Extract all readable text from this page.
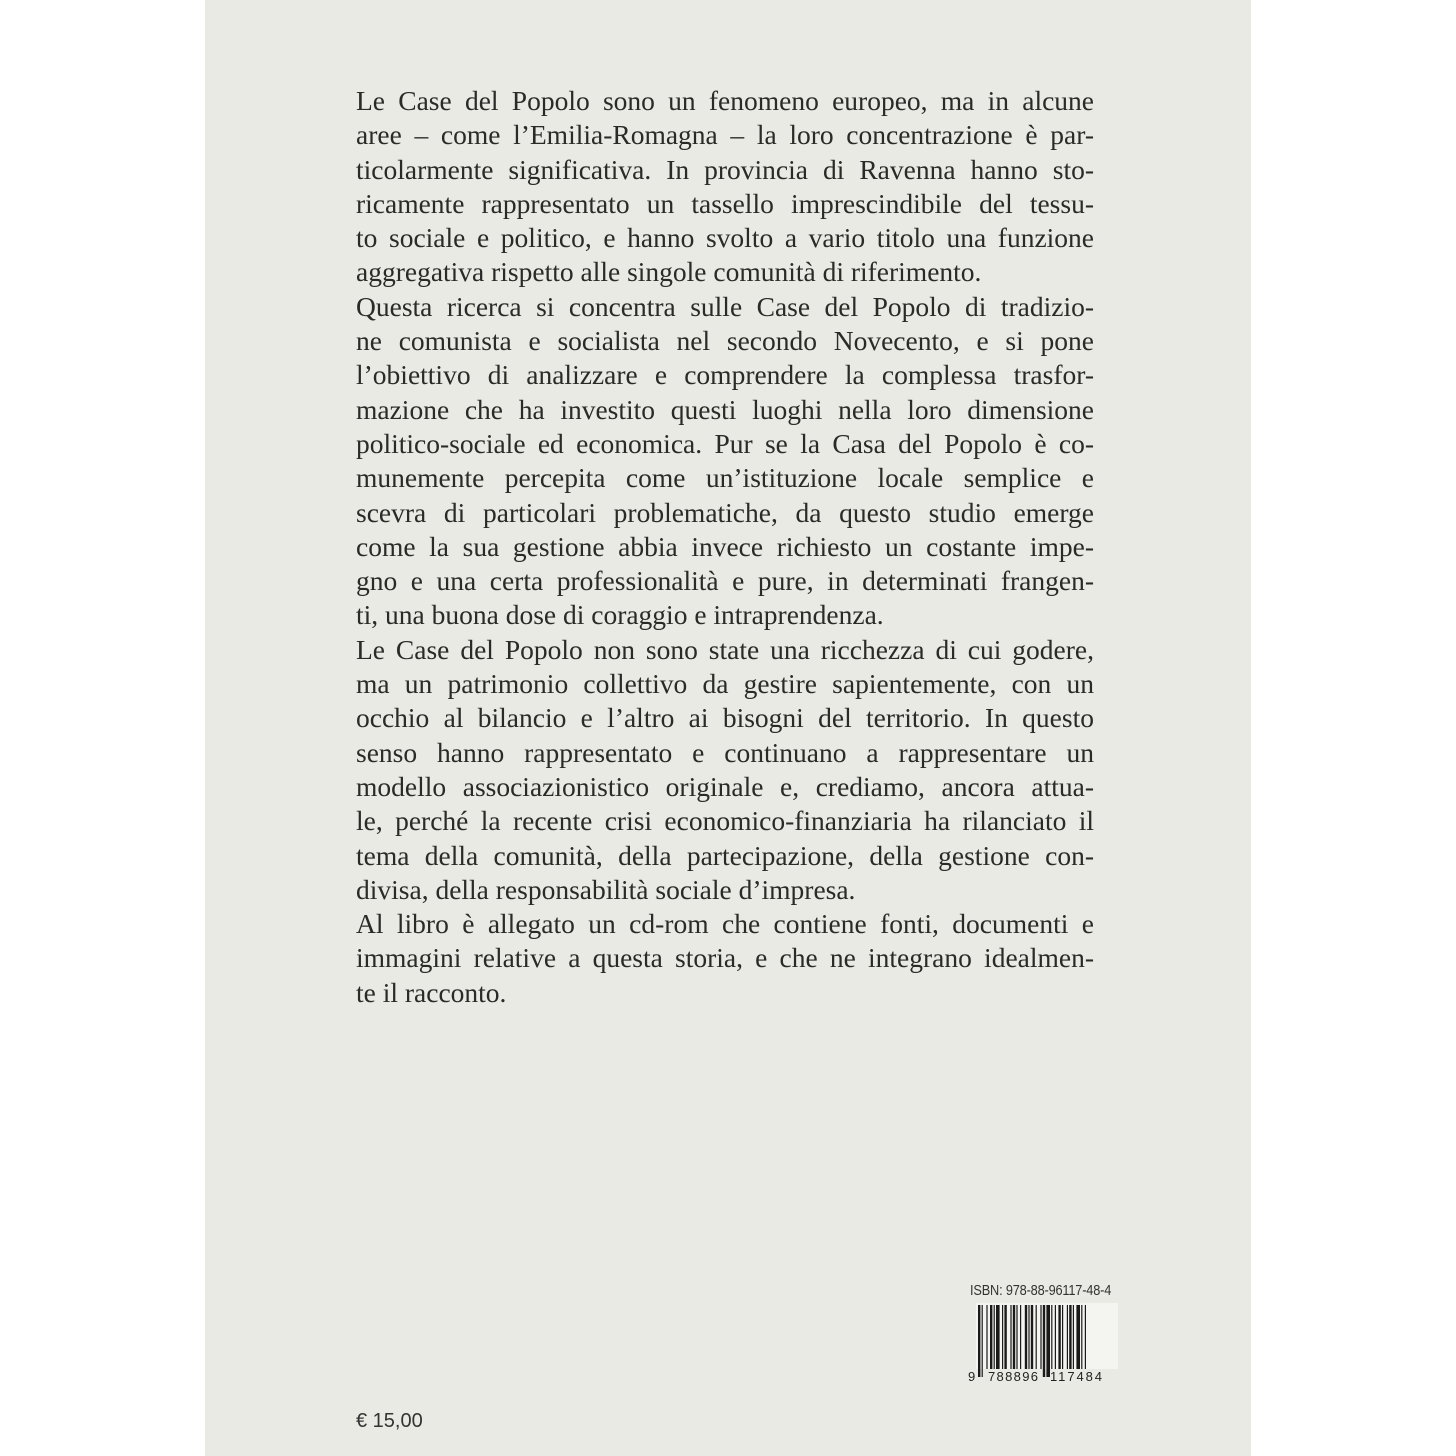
Le Case del Popolo sono un fenomeno europeo, ma in alcune
aree – come l’Emilia-Romagna – la loro concentrazione è par-
ticolarmente significativa. In provincia di Ravenna hanno sto-
ricamente rappresentato un tassello imprescindibile del tessu-
to sociale e politico, e hanno svolto a vario titolo una funzione
aggregativa rispetto alle singole comunità di riferimento.
Questa ricerca si concentra sulle Case del Popolo di tradizio-
ne comunista e socialista nel secondo Novecento, e si pone
l’obiettivo di analizzare e comprendere la complessa trasfor-
mazione che ha investito questi luoghi nella loro dimensione
politico-sociale ed economica. Pur se la Casa del Popolo è co-
munemente percepita come un’istituzione locale semplice e
scevra di particolari problematiche, da questo studio emerge
come la sua gestione abbia invece richiesto un costante impe-
gno e una certa professionalità e pure, in determinati frangen-
ti, una buona dose di coraggio e intraprendenza.
Le Case del Popolo non sono state una ricchezza di cui godere,
ma un patrimonio collettivo da gestire sapientemente, con un
occhio al bilancio e l’altro ai bisogni del territorio. In questo
senso hanno rappresentato e continuano a rappresentare un
modello associazionistico originale e, crediamo, ancora attua-
le, perché la recente crisi economico-finanziaria ha rilanciato il
tema della comunità, della partecipazione, della gestione con-
divisa, della responsabilità sociale d’impresa.
Al libro è allegato un cd-rom che contiene fonti, documenti e
immagini relative a questa storia, e che ne integrano idealmen-
te il racconto.
€ 15,00
ISBN: 978-88-96117-48-4
9 788896 117484
